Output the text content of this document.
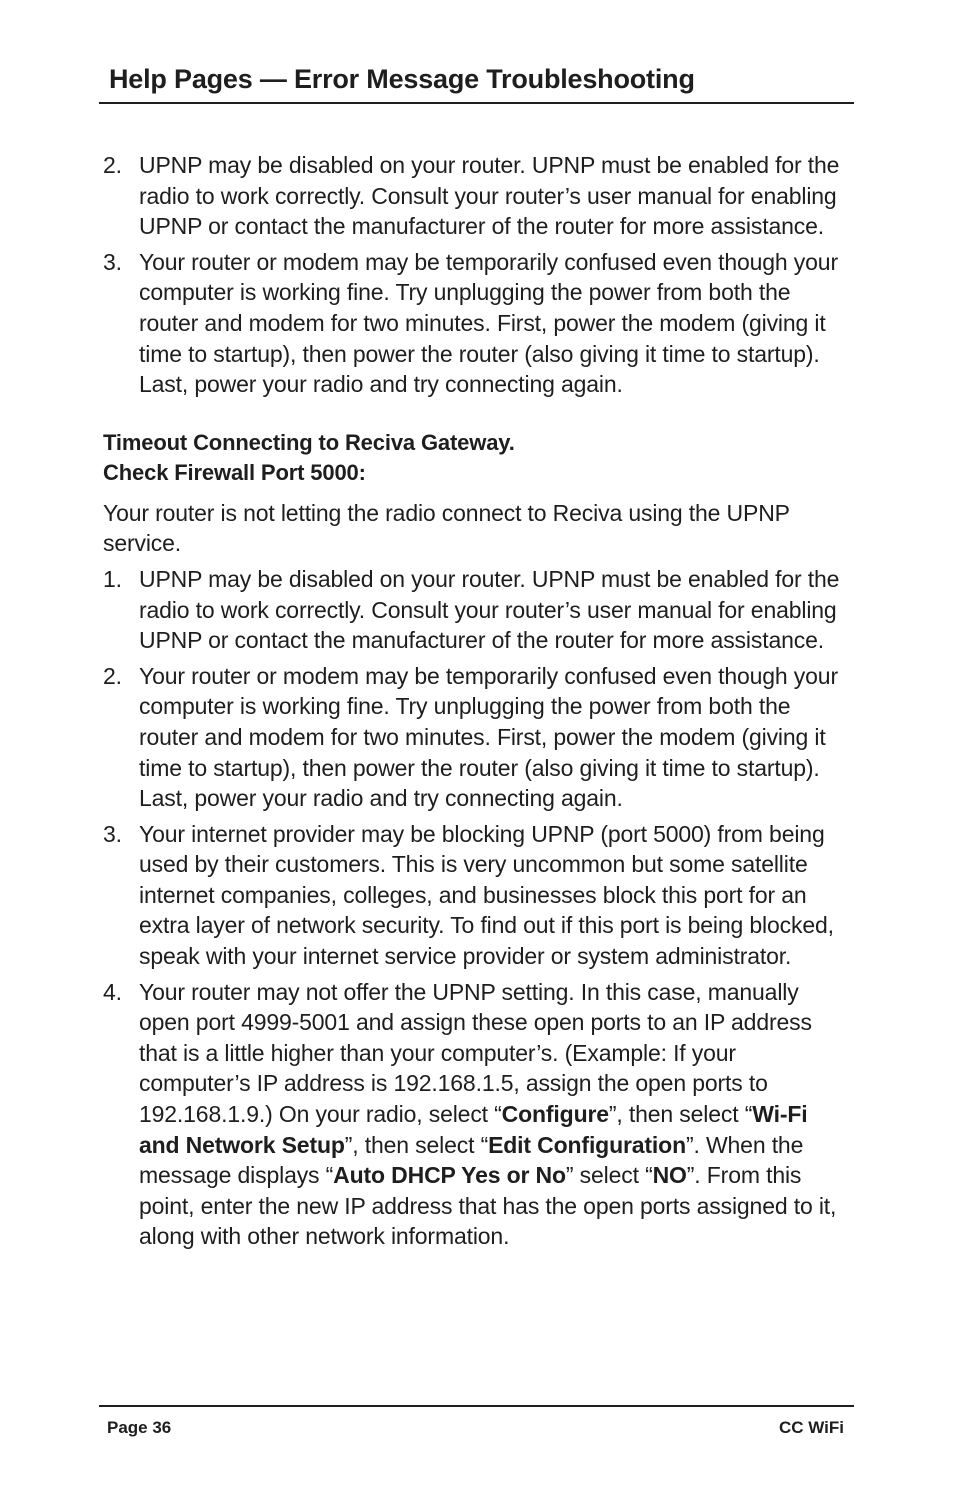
Help Pages — Error Message Troubleshooting
2. UPNP may be disabled on your router. UPNP must be enabled for the radio to work correctly. Consult your router’s user manual for enabling UPNP or contact the manufacturer of the router for more assistance.
3. Your router or modem may be temporarily confused even though your computer is working fine. Try unplugging the power from both the router and modem for two minutes. First, power the modem (giving it time to startup), then power the router (also giving it time to startup). Last, power your radio and try connecting again.
Timeout Connecting to Reciva Gateway.
Check Firewall Port 5000:

Your router is not letting the radio connect to Reciva using the UPNP service.

1. UPNP may be disabled on your router. UPNP must be enabled for the radio to work correctly. Consult your router’s user manual for enabling UPNP or contact the manufacturer of the router for more assistance.
2. Your router or modem may be temporarily confused even though your computer is working fine. Try unplugging the power from both the router and modem for two minutes. First, power the modem (giving it time to startup), then power the router (also giving it time to startup). Last, power your radio and try connecting again.
3. Your internet provider may be blocking UPNP (port 5000) from being used by their customers. This is very uncommon but some satellite internet companies, colleges, and businesses block this port for an extra layer of network security. To find out if this port is being blocked, speak with your internet service provider or system administrator.
4. Your router may not offer the UPNP setting. In this case, manually open port 4999-5001 and assign these open ports to an IP address that is a little higher than your computer’s. (Example: If your computer’s IP address is 192.168.1.5, assign the open ports to 192.168.1.9.) On your radio, select “Configure”, then select “Wi-Fi and Network Setup”, then select “Edit Configuration”. When the message displays “Auto DHCP Yes or No” select “NO”. From this point, enter the new IP address that has the open ports assigned to it, along with other network information.
Page 36	CC WiFi
